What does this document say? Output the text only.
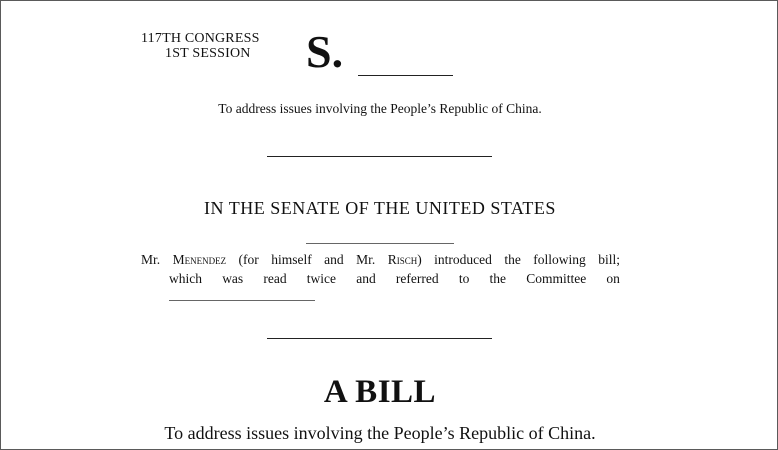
117TH CONGRESS
1ST SESSION S.
To address issues involving the People’s Republic of China.
IN THE SENATE OF THE UNITED STATES
Mr. Menendez (for himself and Mr. Risch) introduced the following bill;
which was read twice and referred to the Committee on
A BILL
To address issues involving the People’s Republic of China.
